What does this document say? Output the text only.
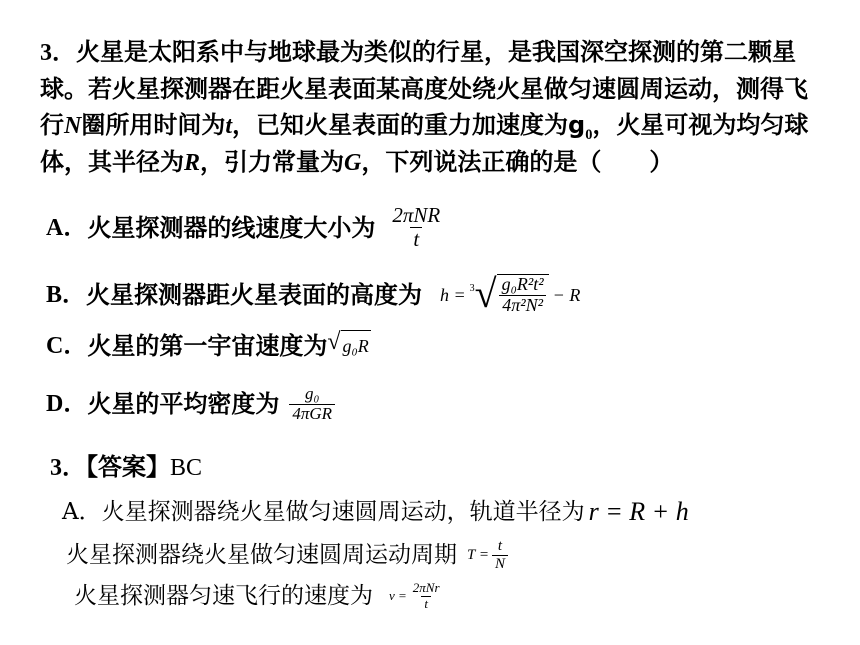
3．火星是太阳系中与地球最为类似的行星，是我国深空探测的第二颗星球。若火星探测器在距火星表面某高度处绕火星做匀速圆周运动，测得飞行N圈所用时间为t，已知火星表面的重力加速度为$g_0$，火星可视为均匀球体，其半径为R，引力常量为G，下列说法正确的是（　　）

A． 火星探测器的线速度大小为 $\frac{\text{2πNR}}{t}$
B． 火星探测器距火星表面的高度为 h = 3 √ $\frac{\text{g₀R²t²}}{\text{4π²N²}} - R$
C． 火星的第一宇宙速度为 √ g₀R
D． 火星的平均密度为 $\frac{\text{g₀}}{\text{4πGR}}$
3．【答案】BC
A．火星探测器绕火星做匀速圆周运动，轨道半径为 r = R + h
火星探测器绕火星做匀速圆周运动周期 $T = \frac{t}{N}$
火星探测器匀速飞行的速度为 $v = \frac{\text{2πNr}}{t}$
